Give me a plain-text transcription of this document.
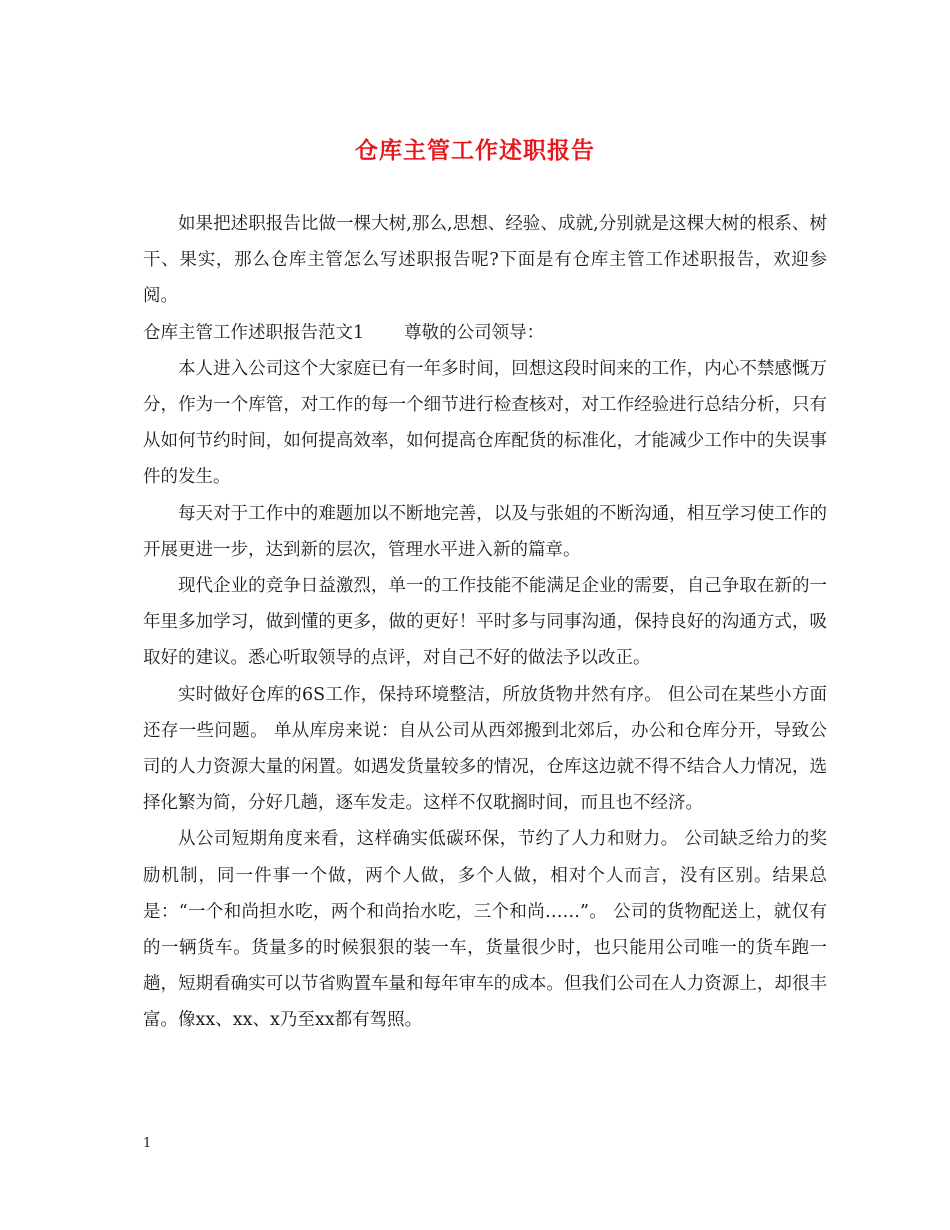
仓库主管工作述职报告

如果把述职报告比做一棵大树,那么,思想、经验、成就,分别就是这棵大树的根系、树干、果实，那么仓库主管怎么写述职报告呢?下面是有仓库主管工作述职报告，欢迎参阅。

仓库主管工作述职报告范文1 尊敬的公司领导：

本人进入公司这个大家庭已有一年多时间，回想这段时间来的工作，内心不禁感慨万分，作为一个库管，对工作的每一个细节进行检查核对，对工作经验进行总结分析，只有从如何节约时间，如何提高效率，如何提高仓库配货的标准化，才能减少工作中的失误事件的发生。

每天对于工作中的难题加以不断地完善，以及与张姐的不断沟通，相互学习使工作的开展更进一步，达到新的层次，管理水平进入新的篇章。

现代企业的竞争日益激烈，单一的工作技能不能满足企业的需要，自己争取在新的一年里多加学习，做到懂的更多，做的更好！平时多与同事沟通，保持良好的沟通方式，吸取好的建议。悉心听取领导的点评，对自己不好的做法予以改正。

实时做好仓库的6S工作，保持环境整洁，所放货物井然有序。 但公司在某些小方面还存一些问题。 单从库房来说：自从公司从西郊搬到北郊后，办公和仓库分开，导致公司的人力资源大量的闲置。如遇发货量较多的情况，仓库这边就不得不结合人力情况，选择化繁为简，分好几趟，逐车发走。这样不仅耽搁时间，而且也不经济。

从公司短期角度来看，这样确实低碳环保，节约了人力和财力。 公司缺乏给力的奖励机制，同一件事一个做，两个人做，多个人做，相对个人而言，没有区别。结果总是：“一个和尚担水吃，两个和尚抬水吃，三个和尚……”。 公司的货物配送上，就仅有的一辆货车。货量多的时候狠狠的装一车，货量很少时，也只能用公司唯一的货车跑一趟，短期看确实可以节省购置车量和每年审车的成本。但我们公司在人力资源上，却很丰富。像xx、xx、x乃至xx都有驾照。

1
